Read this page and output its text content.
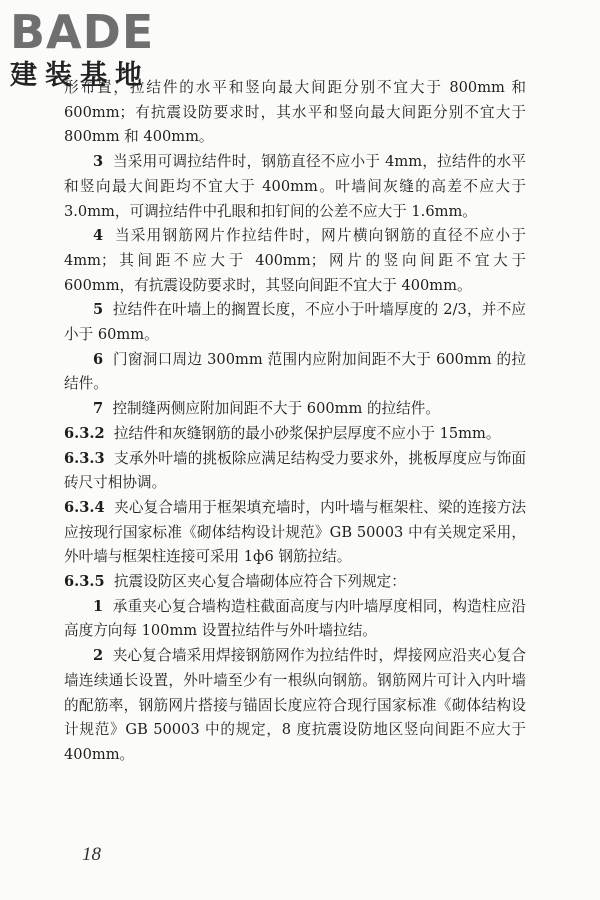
BADE
建装基地

形布置，拉结件的水平和竖向最大间距分别不宜大于 800mm 和 600mm；有抗震设防要求时，其水平和竖向最大间距分别不宜大于 800mm 和 400mm。

3 当采用可调拉结件时，钢筋直径不应小于 4mm，拉结件的水平和竖向最大间距均不宜大于 400mm。叶墙间灰缝的高差不应大于 3.0mm，可调拉结件中孔眼和扣钉间的公差不应大于 1.6mm。

4 当采用钢筋网片作拉结件时，网片横向钢筋的直径不应小于 4mm；其间距不应大于 400mm；网片的竖向间距不宜大于 600mm，有抗震设防要求时，其竖向间距不宜大于 400mm。

5 拉结件在叶墙上的搁置长度，不应小于叶墙厚度的 2/3，并不应小于 60mm。

6 门窗洞口周边 300mm 范围内应附加间距不大于 600mm 的拉结件。

7 控制缝两侧应附加间距不大于 600mm 的拉结件。

6.3.2 拉结件和灰缝钢筋的最小砂浆保护层厚度不应小于 15mm。

6.3.3 支承外叶墙的挑板除应满足结构受力要求外，挑板厚度应与饰面砖尺寸相协调。

6.3.4 夹心复合墙用于框架填充墙时，内叶墙与框架柱、梁的连接方法应按现行国家标准《砌体结构设计规范》GB 50003 中有关规定采用，外叶墙与框架柱连接可采用 1ф6 钢筋拉结。

6.3.5 抗震设防区夹心复合墙砌体应符合下列规定：

1 承重夹心复合墙构造柱截面高度与内叶墙厚度相同，构造柱应沿高度方向每 100mm 设置拉结件与外叶墙拉结。

2 夹心复合墙采用焊接钢筋网作为拉结件时，焊接网应沿夹心复合墙连续通长设置，外叶墙至少有一根纵向钢筋。钢筋网片可计入内叶墙的配筋率，钢筋网片搭接与锚固长度应符合现行国家标准《砌体结构设计规范》GB 50003 中的规定，8 度抗震设防地区竖向间距不应大于 400mm。

18
